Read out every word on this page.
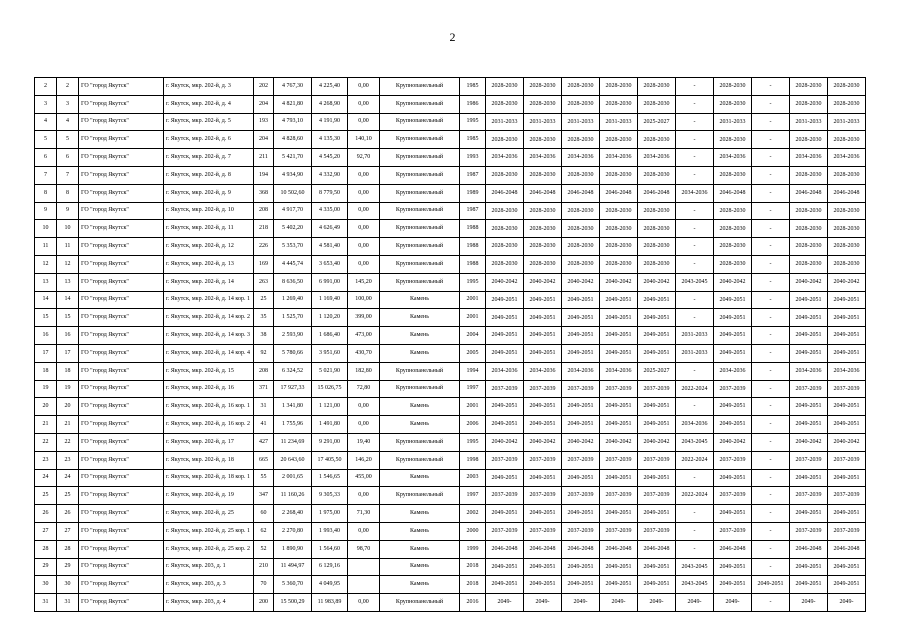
2
2	2	ГО "город Якутск"	г. Якутск, мкр. 202-й, д. 3	202	4 767,30	4 225,40	0,00	Крупнопанельный	1985	2028-2030	2028-2030	2028-2030	2028-2030	2028-2030	-	2028-2030	-	2028-2030	2028-2030
3	3	ГО "город Якутск"	г. Якутск, мкр. 202-й, д. 4	204	4 821,80	4 268,90	0,00	Крупнопанельный	1986	2028-2030	2028-2030	2028-2030	2028-2030	2028-2030	-	2028-2030	-	2028-2030	2028-2030
4	4	ГО "город Якутск"	г. Якутск, мкр. 202-й, д. 5	193	4 793,10	4 191,90	0,00	Крупнопанельный	1995	2031-2033	2031-2033	2031-2033	2031-2033	2025-2027	-	2031-2033	-	2031-2033	2031-2033
5	5	ГО "город Якутск"	г. Якутск, мкр. 202-й, д. 6	204	4 828,60	4 135,30	140,10	Крупнопанельный	1985	2028-2030	2028-2030	2028-2030	2028-2030	2028-2030	-	2028-2030	-	2028-2030	2028-2030
6	6	ГО "город Якутск"	г. Якутск, мкр. 202-й, д. 7	211	5 421,70	4 545,20	92,70	Крупнопанельный	1993	2034-2036	2034-2036	2034-2036	2034-2036	2034-2036	-	2034-2036	-	2034-2036	2034-2036
7	7	ГО "город Якутск"	г. Якутск, мкр. 202-й, д. 8	194	4 934,90	4 332,90	0,00	Крупнопанельный	1987	2028-2030	2028-2030	2028-2030	2028-2030	2028-2030	-	2028-2030	-	2028-2030	2028-2030
8	8	ГО "город Якутск"	г. Якутск, мкр. 202-й, д. 9	368	10 502,60	8 779,50	0,00	Крупнопанельный	1989	2046-2048	2046-2048	2046-2048	2046-2048	2046-2048	2034-2036	2046-2048	-	2046-2048	2046-2048
9	9	ГО "город Якутск"	г. Якутск, мкр. 202-й, д. 10	208	4 917,70	4 335,00	0,00	Крупнопанельный	1987	2028-2030	2028-2030	2028-2030	2028-2030	2028-2030	-	2028-2030	-	2028-2030	2028-2030
10	10	ГО "город Якутск"	г. Якутск, мкр. 202-й, д. 11	218	5 402,20	4 626,49	0,00	Крупнопанельный	1988	2028-2030	2028-2030	2028-2030	2028-2030	2028-2030	-	2028-2030	-	2028-2030	2028-2030
11	11	ГО "город Якутск"	г. Якутск, мкр. 202-й, д. 12	226	5 353,70	4 581,40	0,00	Крупнопанельный	1988	2028-2030	2028-2030	2028-2030	2028-2030	2028-2030	-	2028-2030	-	2028-2030	2028-2030
12	12	ГО "город Якутск"	г. Якутск, мкр. 202-й, д. 13	169	4 445,74	3 653,40	0,00	Крупнопанельный	1988	2028-2030	2028-2030	2028-2030	2028-2030	2028-2030	-	2028-2030	-	2028-2030	2028-2030
13	13	ГО "город Якутск"	г. Якутск, мкр. 202-й, д. 14	263	8 636,50	6 991,00	145,20	Крупнопанельный	1995	2040-2042	2040-2042	2040-2042	2040-2042	2040-2042	2043-2045	2040-2042	-	2040-2042	2040-2042
14	14	ГО "город Якутск"	г. Якутск, мкр. 202-й, д. 14 кор. 1	25	1 269,40	1 169,40	100,00	Камень	2001	2049-2051	2049-2051	2049-2051	2049-2051	2049-2051	-	2049-2051	-	2049-2051	2049-2051
15	15	ГО "город Якутск"	г. Якутск, мкр. 202-й, д. 14 кор. 2	35	1 525,70	1 120,20	399,00	Камень	2001	2049-2051	2049-2051	2049-2051	2049-2051	2049-2051	-	2049-2051	-	2049-2051	2049-2051
16	16	ГО "город Якутск"	г. Якутск, мкр. 202-й, д. 14 кор. 3	38	2 593,90	1 686,40	473,00	Камень	2004	2049-2051	2049-2051	2049-2051	2049-2051	2049-2051	2031-2033	2049-2051	-	2049-2051	2049-2051
17	17	ГО "город Якутск"	г. Якутск, мкр. 202-й, д. 14 кор. 4	92	5 780,66	3 951,60	430,70	Камень	2005	2049-2051	2049-2051	2049-2051	2049-2051	2049-2051	2031-2033	2049-2051	-	2049-2051	2049-2051
18	18	ГО "город Якутск"	г. Якутск, мкр. 202-й, д. 15	208	6 324,52	5 021,90	182,80	Крупнопанельный	1994	2034-2036	2034-2036	2034-2036	2034-2036	2025-2027	-	2034-2036	-	2034-2036	2034-2036
19	19	ГО "город Якутск"	г. Якутск, мкр. 202-й, д. 16	371	17 927,33	15 026,75	72,80	Крупнопанельный	1997	2037-2039	2037-2039	2037-2039	2037-2039	2037-2039	2022-2024	2037-2039	-	2037-2039	2037-2039
20	20	ГО "город Якутск"	г. Якутск, мкр. 202-й, д. 16 кор. 1	31	1 341,80	1 121,00	0,00	Камень	2001	2049-2051	2049-2051	2049-2051	2049-2051	2049-2051	-	2049-2051	-	2049-2051	2049-2051
21	21	ГО "город Якутск"	г. Якутск, мкр. 202-й, д. 16 кор. 2	41	1 755,96	1 491,80	0,00	Камень	2006	2049-2051	2049-2051	2049-2051	2049-2051	2049-2051	2034-2036	2049-2051	-	2049-2051	2049-2051
22	22	ГО "город Якутск"	г. Якутск, мкр. 202-й, д. 17	427	11 234,69	9 291,00	19,40	Крупнопанельный	1995	2040-2042	2040-2042	2040-2042	2040-2042	2040-2042	2043-2045	2040-2042	-	2040-2042	2040-2042
23	23	ГО "город Якутск"	г. Якутск, мкр. 202-й, д. 18	665	20 643,60	17 405,50	146,20	Крупнопанельный	1998	2037-2039	2037-2039	2037-2039	2037-2039	2037-2039	2022-2024	2037-2039	-	2037-2039	2037-2039
24	24	ГО "город Якутск"	г. Якутск, мкр. 202-й, д. 18 кор. 1	55	2 001,65	1 546,65	455,00	Камень	2003	2049-2051	2049-2051	2049-2051	2049-2051	2049-2051	-	2049-2051	-	2049-2051	2049-2051
25	25	ГО "город Якутск"	г. Якутск, мкр. 202-й, д. 19	347	11 160,26	9 305,33	0,00	Крупнопанельный	1997	2037-2039	2037-2039	2037-2039	2037-2039	2037-2039	2022-2024	2037-2039	-	2037-2039	2037-2039
26	26	ГО "город Якутск"	г. Якутск, мкр. 202-й, д. 25	60	2 268,40	1 975,00	71,30	Камень	2002	2049-2051	2049-2051	2049-2051	2049-2051	2049-2051	-	2049-2051	-	2049-2051	2049-2051
27	27	ГО "город Якутск"	г. Якутск, мкр. 202-й, д. 25 кор. 1	62	2 270,80	1 993,40	0,00	Камень	2000	2037-2039	2037-2039	2037-2039	2037-2039	2037-2039	-	2037-2039	-	2037-2039	2037-2039
28	28	ГО "город Якутск"	г. Якутск, мкр. 202-й, д. 25 кор. 2	52	1 890,90	1 564,60	98,70	Камень	1999	2046-2048	2046-2048	2046-2048	2046-2048	2046-2048	-	2046-2048	-	2046-2048	2046-2048
29	29	ГО "город Якутск"	г. Якутск, мкр. 203, д. 1	210	11 494,97	6 129,16		Камень	2018	2049-2051	2049-2051	2049-2051	2049-2051	2049-2051	2043-2045	2049-2051	-	2049-2051	2049-2051
30	30	ГО "город Якутск"	г. Якутск, мкр. 203, д. 3	70	5 360,70	4 049,95		Камень	2018	2049-2051	2049-2051	2049-2051	2049-2051	2049-2051	2043-2045	2049-2051	2049-2051	2049-2051	2049-2051
31	31	ГО "город Якутск"	г. Якутск, мкр. 203, д. 4	200	15 500,29	11 983,89	0,00	Крупнопанельный	2016	2049-	2049-	2049-	2049-	2049-	2049-	2049-	-	2049-	2049-
